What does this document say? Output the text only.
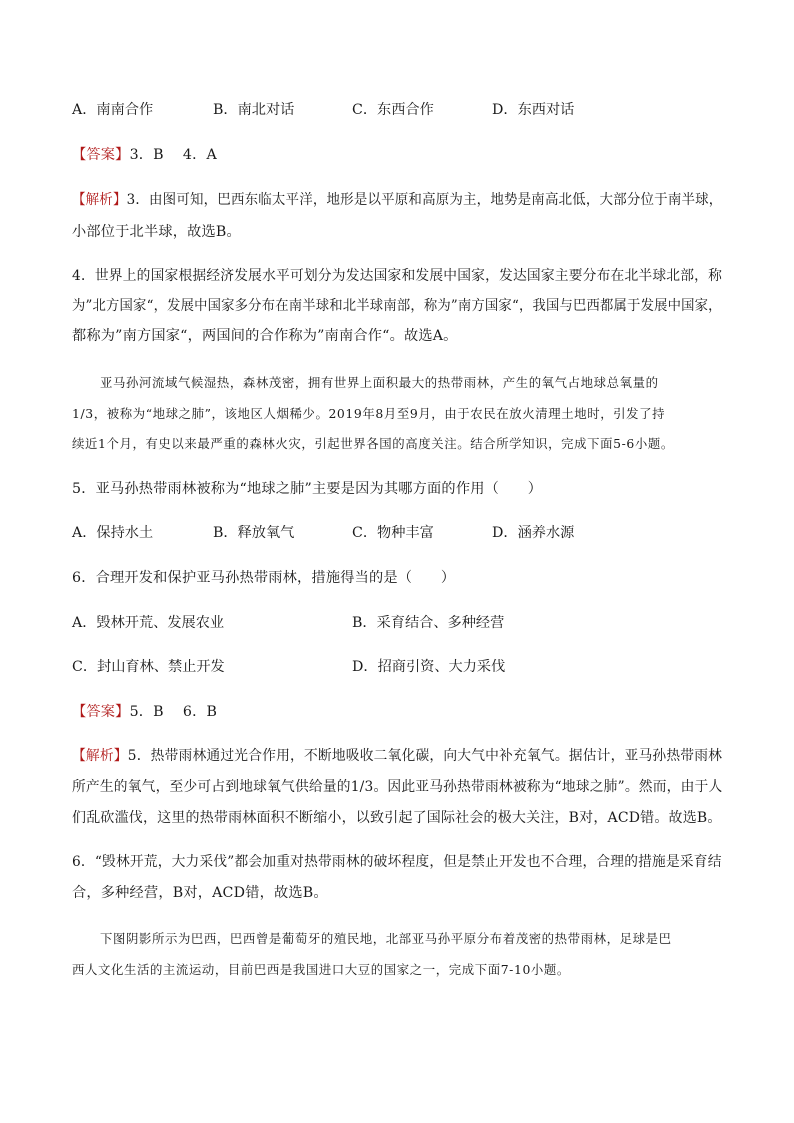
A．南南合作	B．南北对话	C．东西合作	D．东西对话
【答案】3．B　 4．A
【解析】3．由图可知，巴西东临太平洋，地形是以平原和高原为主，地势是南高北低，大部分位于南半球，
小部位于北半球，故选B。
4．世界上的国家根据经济发展水平可划分为发达国家和发展中国家，发达国家主要分布在北半球北部，称
为”北方国家“，发展中国家多分布在南半球和北半球南部，称为”南方国家“，我国与巴西都属于发展中国家，
都称为”南方国家“，两国间的合作称为”南南合作“。故选A。
亚马孙河流域气候湿热，森林茂密，拥有世界上面积最大的热带雨林，产生的氧气占地球总氧量的
1/3，被称为“地球之肺”，该地区人烟稀少。2019年8月至9月，由于农民在放火清理土地时，引发了持
续近1个月，有史以来最严重的森林火灾，引起世界各国的高度关注。结合所学知识，完成下面5-6小题。
5．亚马孙热带雨林被称为“地球之肺”主要是因为其哪方面的作用（　　）
A．保持水土	B．释放氧气	C．物种丰富	D．涵养水源
6．合理开发和保护亚马孙热带雨林，措施得当的是（　　）
A．毁林开荒、发展农业	B．采育结合、多种经营
C．封山育林、禁止开发	D．招商引资、大力采伐
【答案】5．B　 6．B
【解析】5．热带雨林通过光合作用，不断地吸收二氧化碳，向大气中补充氧气。据估计，亚马孙热带雨林
所产生的氧气，至少可占到地球氧气供给量的1/3。因此亚马孙热带雨林被称为“地球之肺”。然而，由于人
们乱砍滥伐，这里的热带雨林面积不断缩小，以致引起了国际社会的极大关注，B对，ACD错。故选B。
6．“毁林开荒，大力采伐”都会加重对热带雨林的破坏程度，但是禁止开发也不合理，合理的措施是采育结
合，多种经营，B对，ACD错，故选B。
下图阴影所示为巴西，巴西曾是葡萄牙的殖民地，北部亚马孙平原分布着茂密的热带雨林，足球是巴
西人文化生活的主流运动，目前巴西是我国进口大豆的国家之一，完成下面7-10小题。
